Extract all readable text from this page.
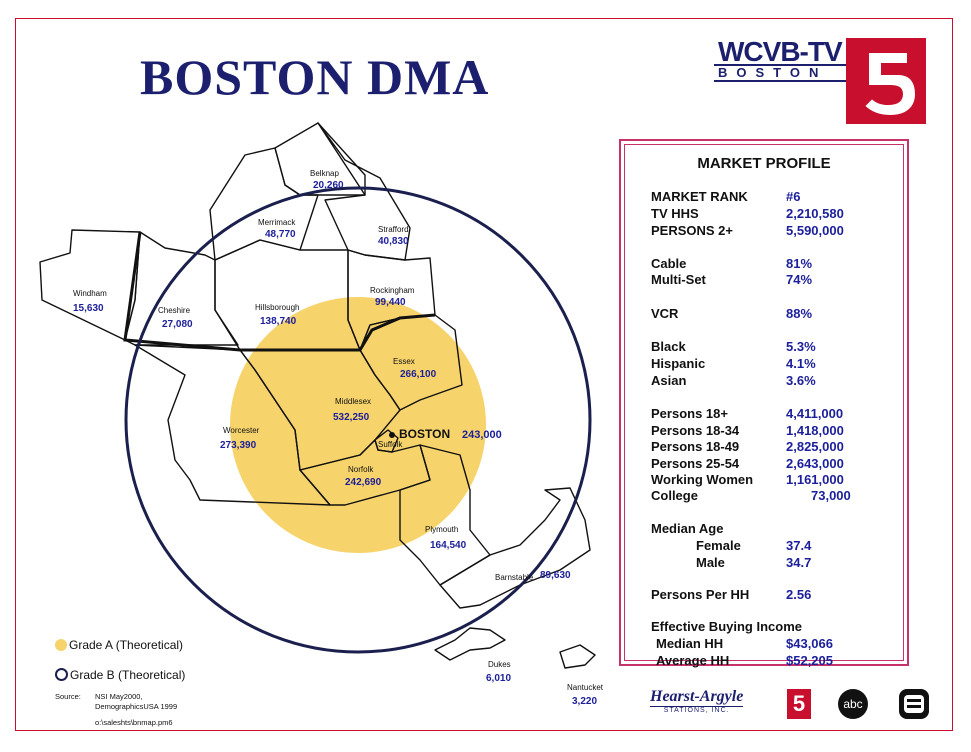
BOSTON DMA	WCVB-TV
BOSTON
Belknap
20,260
Merrimack
48,770	Strafford
40,830
Windham
15,630	Cheshire
27,080
Hillsborough
138,740
Rockingham
99,440
Essex
266,100
Middlesex
532,250
Worcester
273,390	Suffolk
Norfolk
242,690
Plymouth
164,540
Barnstable 89,630
Dukes
6,010
Nantucket
3,220
BOSTON 243,000
MARKET PROFILE
MARKET RANK	#6
TV HHS	2,210,580
PERSONS 2+	5,590,000
Cable	81%
Multi-Set	74%
VCR	88%
Black	5.3%
Hispanic	4.1%
Asian	3.6%
Persons 18+	4,411,000
Persons 18-34	1,418,000
Persons 18-49	2,825,000
Persons 25-54	2,643,000
Working Women	1,161,000
College	73,000
Median Age
Female	37.4
Male	34.7
Persons Per HH	2.56
Effective Buying Income
Median HH	$43,066
Average HH	$52,205
Grade A (Theoretical)
Grade B (Theoretical)
Source: NSI May2000,
DemographicsUSA 1999
o:\saleshts\bnmap.pm6
Hearst-Argyle
STATIONS, INC.	5	abc
